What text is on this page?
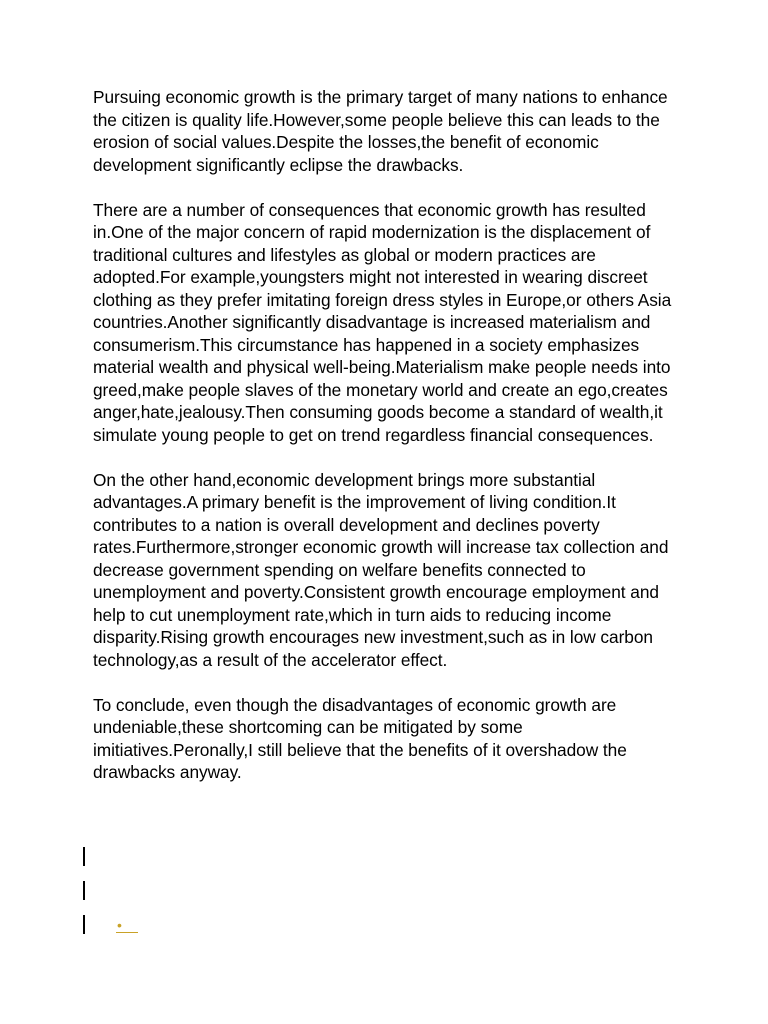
Pursuing economic growth is the primary target of many nations to enhance the citizen is quality life.However,some people believe this can leads to the erosion of social values.Despite the losses,the benefit of economic development significantly eclipse the drawbacks.

There are a number of consequences that economic growth has resulted in.One of the major concern of rapid modernization is the displacement of traditional cultures and lifestyles as global or modern practices are adopted.For example,youngsters might not interested in wearing discreet clothing as they prefer imitating foreign dress styles in Europe,or others Asia countries.Another significantly disadvantage is increased materialism and consumerism.This circumstance has happened in a society emphasizes material wealth and physical well-being.Materialism make people needs into greed,make people slaves of the monetary world and create an ego,creates anger,hate,jealousy.Then consuming goods become a standard of wealth,it simulate young people to get on trend regardless financial consequences.

On the other hand,economic development brings more substantial advantages.A primary benefit is the improvement of living condition.It contributes to a nation is overall development and declines poverty rates.Furthermore,stronger economic growth will increase tax collection and decrease government spending on welfare benefits connected to unemployment and poverty.Consistent growth encourage employment and help to cut unemployment rate,which in turn aids to reducing income disparity.Rising growth encourages new investment,such as in low carbon technology,as a result of the accelerator effect.

To conclude, even though the disadvantages of economic growth are undeniable,these shortcoming can be mitigated by some imitiatives.Peronally,I still believe that the benefits of it overshadow the drawbacks anyway.

•
